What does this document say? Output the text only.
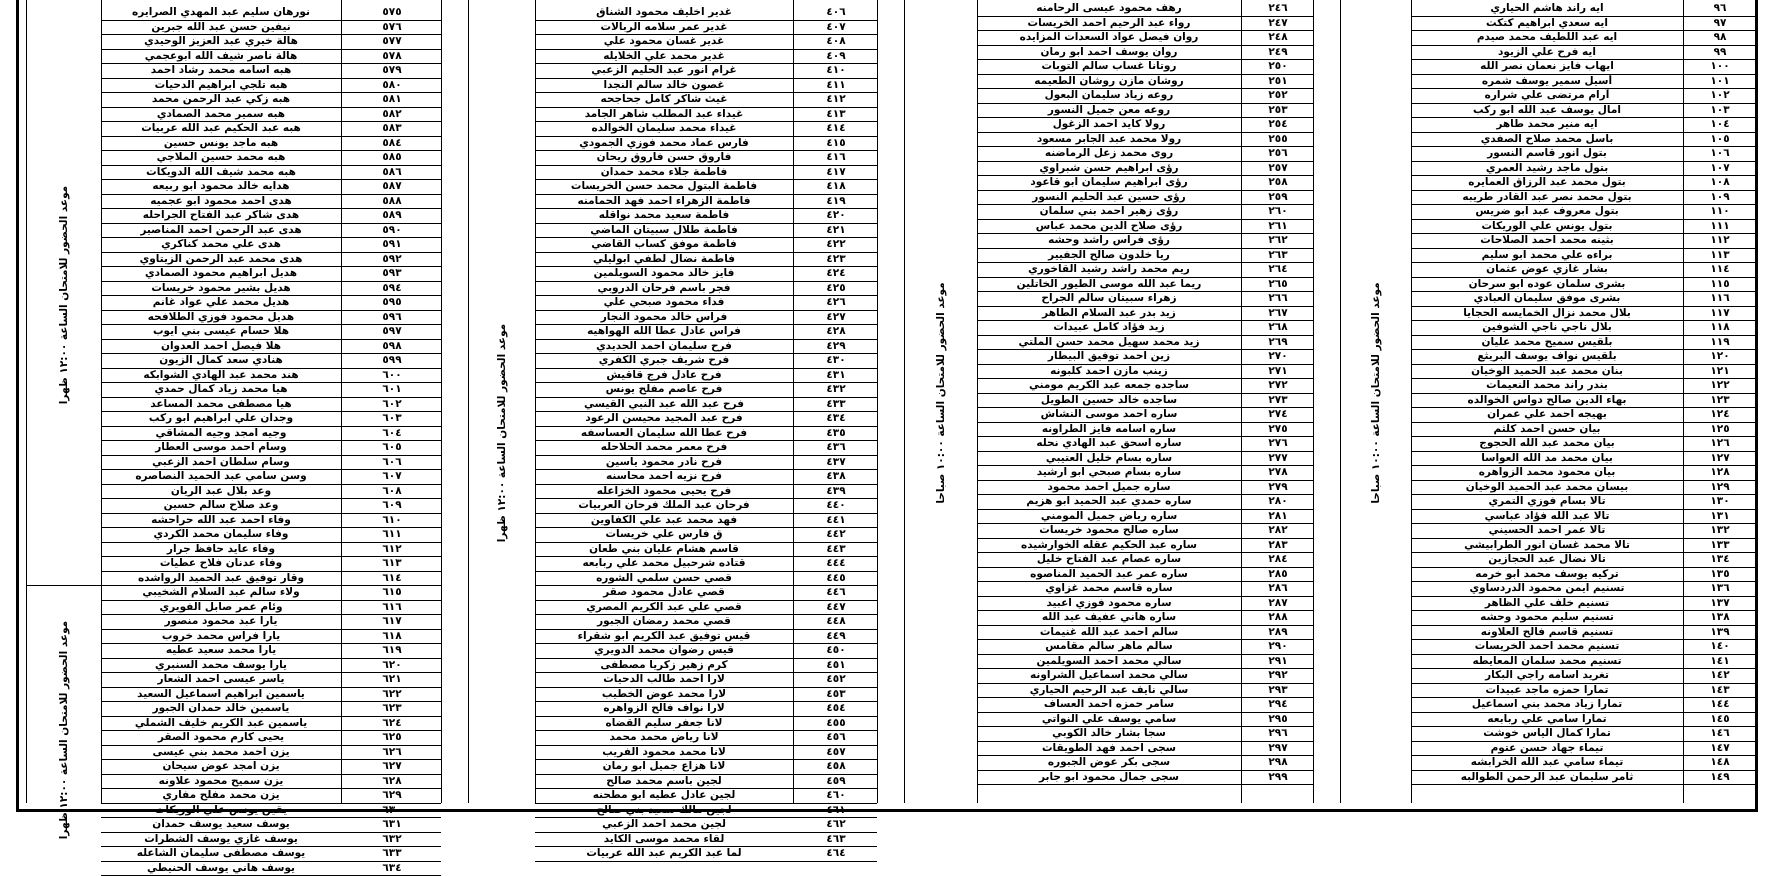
نورهان سليم عبد المهدي الصرايره	٥٧٥
نيفين حسن عبد الله جبرين	٥٧٦
هالة خيري عبد العزيز الوحيدي	٥٧٧
هالة ناصر شيف الله ابوعجمي	٥٧٨
هبه اسامه محمد رشاد احمد	٥٧٩
هبه تلجي ابراهيم الدحيات	٥٨٠
هبه زكي عبد الرحمن محمد	٥٨١
هبه سمير محمد الصمادي	٥٨٢
هبه عبد الحكيم عبد الله عربيات	٥٨٣
هبه ماجد يونس حسين	٥٨٤
هبه محمد حسين الملاجي	٥٨٥
هبه محمد شيف الله الدويكات	٥٨٦
هدايه خالد محمود ابو ربيعه	٥٨٧
هدى احمد محمود ابو عجميه	٥٨٨
هدى شاكر عبد الفتاح الجراحله	٥٨٩
هدى عبد الرحمن احمد المناصير	٥٩٠
هدى علي محمد كناكري	٥٩١
هدى محمد عبد الرحمن الزيتاوي	٥٩٢
هديل ابراهيم محمود الصمادي	٥٩٣
هديل بشير محمود خريسات	٥٩٤
هديل محمد علي عواد غانم	٥٩٥
هديل محمود فوزي الطلافحه	٥٩٦
هلا حسام عيسى بني ايوب	٥٩٧
هلا فيصل احمد العدوان	٥٩٨
هنادي سعد كمال الزيون	٥٩٩
هند محمد عبد الهادي الشوابكه	٦٠٠
هيا محمد زياد كمال حمدي	٦٠١
هيا مصطفى محمد المساعد	٦٠٢
وجدان علي ابراهيم ابو ركب	٦٠٣
وجيه امجد وجيه المشاقي	٦٠٤
وسام احمد موسى العطار	٦٠٥
وسام سلطان احمد الزعبي	٦٠٦
وسن سامي عبد الحميد النصاصره	٦٠٧
وعد بلال عبد الريان	٦٠٨
وعد صلاح سالم حسين	٦٠٩
وفاء احمد عبد الله حراحشه	٦١٠
وفاء سليمان محمد الكردي	٦١١
وفاء عايد حافظ جرار	٦١٢
وفاء عدنان فلاح عطيات	٦١٣
وقار توفيق عبد الحميد الرواشده	٦١٤
ولاء سالم عبد السلام الشخيبي	٦١٥
وئام عمر صابل الفويري	٦١٦
يارا عبد محمود منصور	٦١٧
يارا فراس محمد خروب	٦١٨
يارا محمد سعيد عطيه	٦١٩
يارا يوسف محمد السنبري	٦٢٠
ياسر عيسى احمد الشعار	٦٢١
ياسمين ابراهيم اسماعيل السعيد	٦٢٢
ياسمين خالد حمدان الجبور	٦٢٣
ياسمين عبد الكريم خليف الشملي	٦٢٤
يحيى كارم محمود الصقر	٦٢٥
يزن احمد محمد بني عيسى	٦٢٦
يزن امجد عوض سيحان	٦٢٧
يزن سميح محمود علاونه	٦٢٨
يزن محمد مفلح مفاري	٦٢٩
يقين يونس علي الوريكات	٦٣٠
يوسف سعيد يوسف حمدان	٦٣١
يوسف غازي يوسف الشطرات	٦٣٢
يوسف مصطفى سليمان الشاعله	٦٣٣
يوسف هاني يوسف الحنيطي	٦٣٤
موعد الحضور للامتحان الساعة ١٢:٠٠ ظهرا
موعد الحضور للامتحان الساعة ١٢:٠٠ ظهرا
غدير اخليف محمود الشناق	٤٠٦
غدير عمر سلامه الربالات	٤٠٧
غدير غسان محمود علي	٤٠٨
غدير محمد علي الخلايله	٤٠٩
غرام انور عبد الحليم الزعبي	٤١٠
غصون خالد سالم النجدا	٤١١
غيث شاكر كامل جحاجحه	٤١٢
غيداء عبد المطلب شاهر الجامد	٤١٣
غيداء محمد سليمان الخوالده	٤١٤
فارس عماد محمد فوزي الجمودي	٤١٥
فاروق حسن فاروق ريحان	٤١٦
فاطمة جلاء محمد حمدان	٤١٧
فاطمة البتول محمد حسن الخريسات	٤١٨
فاطمة الزهراء احمد فهد الحمامنه	٤١٩
فاطمة سعيد محمد نواقله	٤٢٠
فاطمة طلال سبيتان الماضي	٤٢١
فاطمة موفق كساب القاضي	٤٢٢
فاطمة نضال لطفي ابوليلي	٤٢٣
فايز خالد محمود السويلمين	٤٢٤
فجر باسم فرحان الدروبي	٤٢٥
فداء محمود صبحي علي	٤٢٦
فراس خالد محمود النجار	٤٢٧
فراس عادل عطا الله الهواهيه	٤٢٨
فرح سليمان احمد الحديدي	٤٢٩
فرح شريف جبري الكفري	٤٣٠
فرح عادل فرج قاقيش	٤٣١
فرح عاصم مفلح يونس	٤٣٢
فرح عبد الله عبد النبي القيسي	٤٣٣
فرح عبد المجيد محيسن الرعود	٤٣٤
فرح عطا الله سليمان العساسفه	٤٣٥
فرح معمر محمد الحلاحله	٤٣٦
فرح نادر محمود ياسين	٤٣٧
فرح نزيه احمد محاسنه	٤٣٨
فرح يحيى محمود الخزاعله	٤٣٩
فرحان عبد الملك فرحان العربيات	٤٤٠
فهد محمد عبد علي الكفاوين	٤٤١
ق فارس علي خريسات	٤٤٢
قاسم هشام عليان بني طعان	٤٤٣
قتاده شرحبيل محمد علي ربابعه	٤٤٤
قصي حسن سلمي الشوره	٤٤٥
قصي عادل محمود صقر	٤٤٦
قصي علي عبد الكريم المصري	٤٤٧
قصي محمد رمضان الجبور	٤٤٨
قيس توفيق عبد الكريم ابو شقراء	٤٤٩
قيس رضوان محمد الدويري	٤٥٠
كرم زهير زكريا مصطفى	٤٥١
لارا احمد طالب الدحيات	٤٥٢
لارا محمد عوض الخطيب	٤٥٣
لارا نواف فالح الزواهره	٤٥٤
لانا جعفر سليم القضاه	٤٥٥
لانا رياض محمد محمد	٤٥٦
لانا محمد محمود الفريب	٤٥٧
لانا هزاع جميل ابو رمان	٤٥٨
لجين باسم محمد صالح	٤٥٩
لجين عادل عطيه ابو مطحنه	٤٦٠
لجين مالك سعيد بني صالح	٤٦١
لجين محمد احمد الزعبي	٤٦٢
لقاء محمد موسى الكايد	٤٦٣
لما عبد الكريم عبد الله عربيات	٤٦٤
موعد الحضور للامتحان الساعة ١٢:٠٠ ظهرا
رهف محمود عيسى الرحامنه	٢٤٦
رواء عبد الرحيم احمد الخريسات	٢٤٧
روان فيصل عواد السعدات المزايده	٢٤٨
روان يوسف احمد ابو رمان	٢٤٩
روتانا غساب سالم التوبات	٢٥٠
روشان مازن روشان الطعيمه	٢٥١
روعه زياد سليمان البعول	٢٥٢
روعه معن جميل النسور	٢٥٣
رولا كايد احمد الزغول	٢٥٤
رولا محمد عبد الجابر مسعود	٢٥٥
روى محمد زعل الرماضنه	٢٥٦
رؤى ابراهيم حسن شبراوي	٢٥٧
رؤى ابراهيم سليمان ابو قاعود	٢٥٨
رؤى حسين عبد الحليم النسور	٢٥٩
رؤى زهير احمد بني سلمان	٢٦٠
رؤى صلاح الدين محمد عباس	٢٦١
رؤى فراس راشد وحشه	٢٦٢
ريا خلدون صالح الجفيير	٢٦٣
ريم محمد راشد رشيد القاخوري	٢٦٤
ريما عبد الله موسى الطيور الخاتلين	٢٦٥
زهراء سبيتان سالم الجراح	٢٦٦
زيد بدر عبد السلام الطاهر	٢٦٧
زيد فؤاد كامل عبيدات	٢٦٨
زيد محمد سهيل محمد حسن الملتي	٢٦٩
زين احمد توفيق البيطار	٢٧٠
زينب مازن احمد كلبونه	٢٧١
ساجده جمعه عبد الكريم مومني	٢٧٢
ساجده خالد حسين الطويل	٢٧٣
ساره احمد موسى النشاش	٢٧٤
ساره اسامه فايز الطراونه	٢٧٥
ساره اسحق عبد الهادي نحله	٢٧٦
ساره بسام خليل العتيبي	٢٧٧
ساره بسام صبحي ابو ارشيد	٢٧٨
ساره جميل احمد محمود	٢٧٩
ساره حمدي عبد الحميد ابو هزيم	٢٨٠
ساره رياض جميل المومني	٢٨١
ساره صالح محمود خريسات	٢٨٢
ساره عبد الحكيم عقله الخوارشيده	٢٨٣
ساره عصام عبد الفتاح خليل	٢٨٤
ساره عمر عبد الحميد المناصوه	٢٨٥
ساره قاسم محمد غزاوي	٢٨٦
ساره محمود فوزي اعبيد	٢٨٧
ساره هاني عفيف عبد الله	٢٨٨
سالم احمد عبد الله غنيمات	٢٨٩
سالم ماهر سالم مقامس	٢٩٠
سالي محمد احمد السويلمين	٢٩١
سالي محمد اسماعيل الشراونه	٢٩٢
سالي نايف عبد الرحيم الحياري	٢٩٣
سامر حمزه احمد العساف	٢٩٤
سامي يوسف علي النواتي	٢٩٥
سجا بشار خالد الكوبي	٢٩٦
سجى احمد فهد الطويقات	٢٩٧
سجى بكر عوض الجبوره	٢٩٨
سجى جمال محمود ابو جابر	٢٩٩
موعد الحضور للامتحان الساعة ١٠:٠٠ صباحا
ايه راند هاشم الحياري	٩٦
ايه سعدي ابراهيم كتكت	٩٧
ايه عبد اللطيف محمد صيدم	٩٨
ايه فرح علي الزيود	٩٩
ايهاب فايز نعمان نصر الله	١٠٠
أسيل سمير يوسف شمره	١٠١
آرام مرتضى علي شراره	١٠٢
امال يوسف عبد الله ابو ركب	١٠٣
ايه منير محمد طاهر	١٠٤
باسل محمد صلاح الصفدي	١٠٥
بتول انور قاسم النسور	١٠٦
بتول ماجد رشيد العمري	١٠٧
بتول محمد عبد الرزاق العمايره	١٠٨
بتول محمد نصر عبد القادر طريبه	١٠٩
بتول معروف عبد ابو ضريس	١١٠
بتول يونس علي الوريكات	١١١
بثينه محمد احمد الصلاحات	١١٢
براءه علي محمد ابو سليم	١١٣
بشار غازي عوض عثمان	١١٤
بشرى سلمان عوده ابو سرحان	١١٥
بشرى موفق سليمان العبادي	١١٦
بلال محمد نزال الخمايسه الحجايا	١١٧
بلال ناجي ناجي الشوفين	١١٨
بلقيس سميح محمد عليان	١١٩
بلقيس نواف يوسف البريثع	١٢٠
بنان محمد عبد الحميد الوخيان	١٢١
بندر راند محمد النعيمات	١٢٢
بهاء الدين صالح دواس الخوالده	١٢٣
بهيجه احمد علي عمران	١٢٤
بيان حسن احمد كلثم	١٢٥
بيان محمد عبد الله الحجوج	١٢٦
بيان محمد مد الله العواسا	١٢٧
بيان محمود محمد الزواهره	١٢٨
بيسان محمد عبد الحميد الوخيان	١٢٩
تالا بسام فوزي التمري	١٣٠
تالا عبد الله فؤاد عباسي	١٣١
تالا عمر احمد الحسيني	١٣٢
تالا محمد غسان انور الطرابيشي	١٣٣
تالا نضال عبد الحجازين	١٣٤
تركيه يوسف محمد ابو خرمه	١٣٥
تسنيم ايمن محمود الدردساوي	١٣٦
تسنيم خلف علي الظاهر	١٣٧
تسنيم سليم محمود وحشه	١٣٨
تسنيم قاسم فالح العلاونه	١٣٩
تسنيم محمد احمد الخريسات	١٤٠
تسنيم محمد سلمان المعايطه	١٤١
تغريد اسامه راجي البكار	١٤٢
تمارا حمزه ماجد عبيدات	١٤٣
تمارا زياد محمد بني اسماعيل	١٤٤
تمارا سامي علي ربابعه	١٤٥
تمارا كمال الياس خوشت	١٤٦
تيماء جهاد حسن عتوم	١٤٧
تيماء سامي عبد الله الخرابشه	١٤٨
ثامر سليمان عبد الرحمن الطوالبه	١٤٩
موعد الحضور للامتحان الساعة ١٠:٠٠ صباحا
